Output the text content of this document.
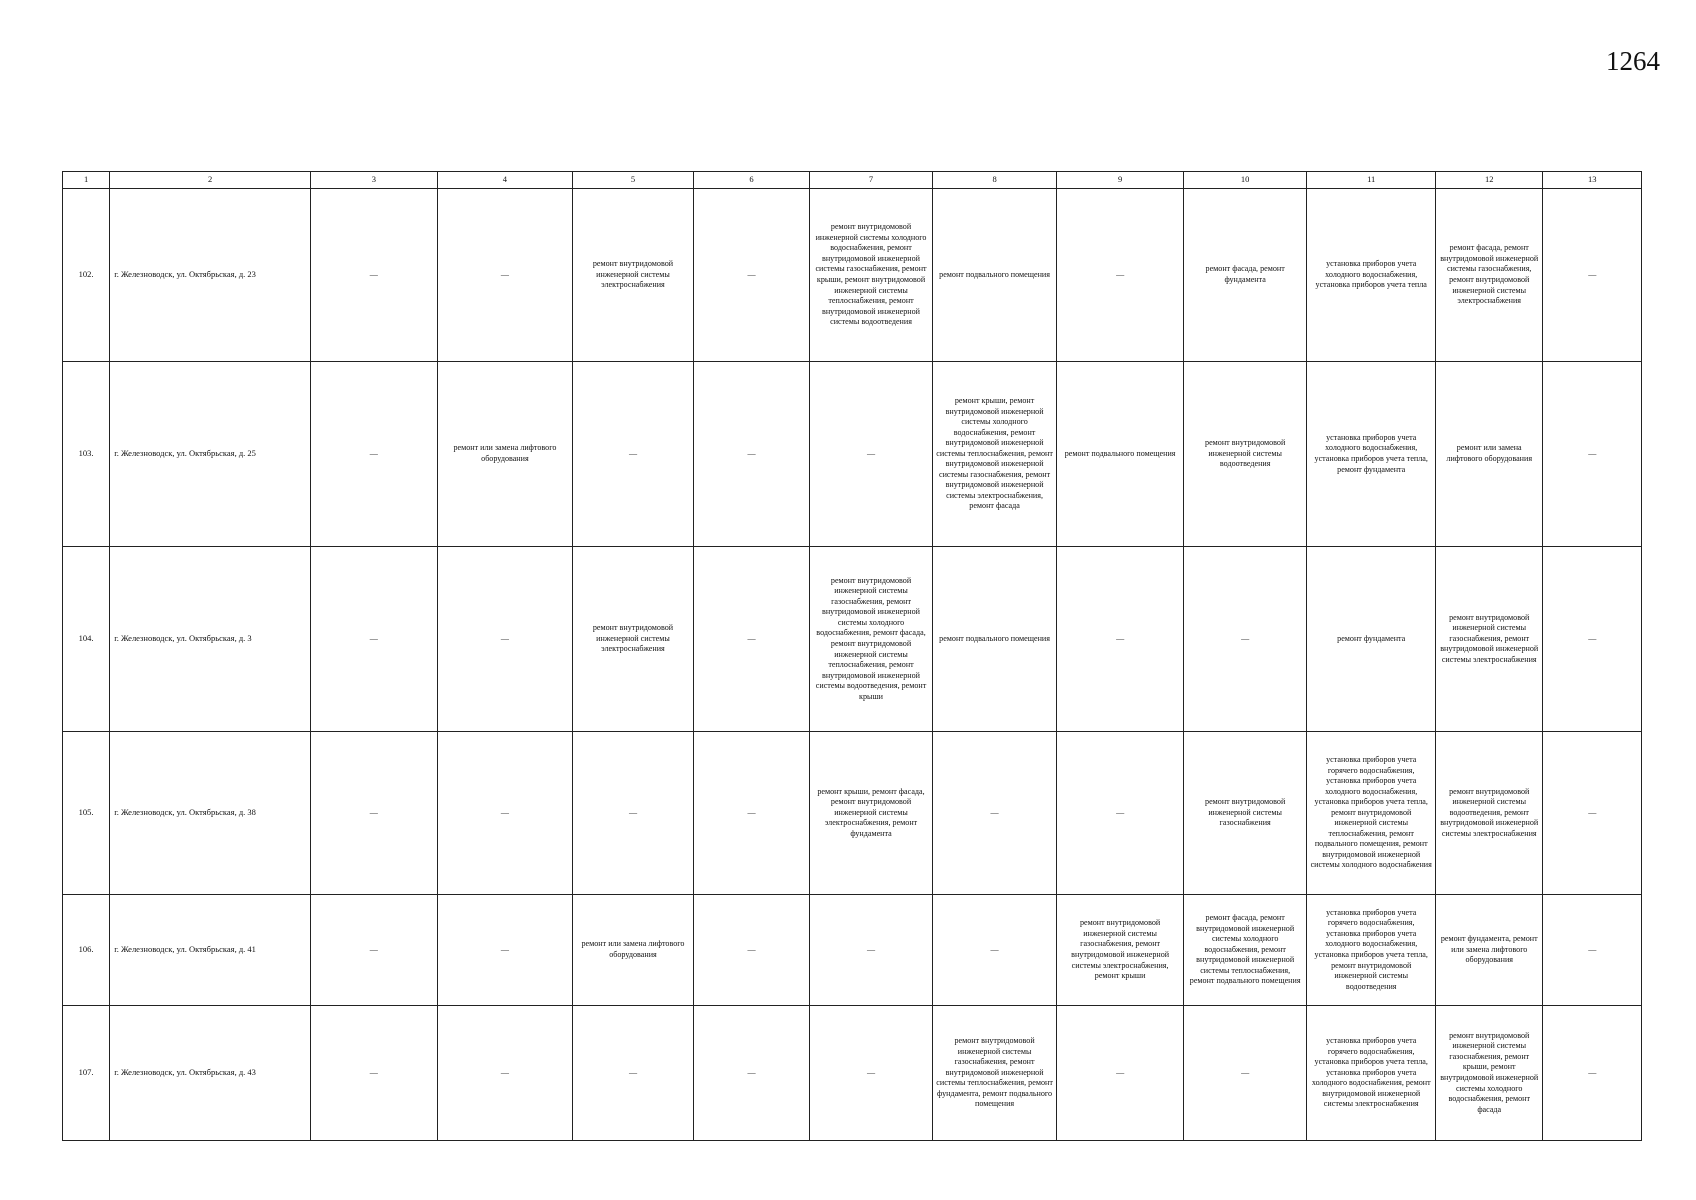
1264
1	2	3	4	5	6	7	8	9	10	11	12	13
102.	г. Железноводск, ул. Октябрьская, д. 23	—	—	ремонт внутридомовой инженерной системы электроснабжения	—	ремонт внутридомовой инженерной системы холодного водоснабжения, ремонт внутридомовой инженерной системы газоснабжения, ремонт крыши, ремонт внутридомовой инженерной системы теплоснабжения, ремонт внутридомовой инженерной системы водоотведения	ремонт подвального помещения	—	ремонт фасада, ремонт фундамента	установка приборов учета холодного водоснабжения, установка приборов учета тепла	ремонт фасада, ремонт внутридомовой инженерной системы газоснабжения, ремонт внутридомовой инженерной системы электроснабжения	—
103.	г. Железноводск, ул. Октябрьская, д. 25	—	ремонт или замена лифтового оборудования	—	—	—	ремонт крыши, ремонт внутридомовой инженерной системы холодного водоснабжения, ремонт внутридомовой инженерной системы теплоснабжения, ремонт внутридомовой инженерной системы газоснабжения, ремонт внутридомовой инженерной системы электроснабжения, ремонт фасада	ремонт подвального помещения	ремонт внутридомовой инженерной системы водоотведения	установка приборов учета холодного водоснабжения, установка приборов учета тепла, ремонт фундамента	ремонт или замена лифтового оборудования	—
104.	г. Железноводск, ул. Октябрьская, д. 3	—	—	ремонт внутридомовой инженерной системы электроснабжения	—	ремонт внутридомовой инженерной системы газоснабжения, ремонт внутридомовой инженерной системы холодного водоснабжения, ремонт фасада, ремонт внутридомовой инженерной системы теплоснабжения, ремонт внутридомовой инженерной системы водоотведения, ремонт крыши	ремонт подвального помещения	—	—	ремонт фундамента	ремонт внутридомовой инженерной системы газоснабжения, ремонт внутридомовой инженерной системы электроснабжения	—
105.	г. Железноводск, ул. Октябрьская, д. 38	—	—	—	—	ремонт крыши, ремонт фасада, ремонт внутридомовой инженерной системы электроснабжения, ремонт фундамента	—	—	ремонт внутридомовой инженерной системы газоснабжения	установка приборов учета горячего водоснабжения, установка приборов учета холодного водоснабжения, установка приборов учета тепла, ремонт внутридомовой инженерной системы теплоснабжения, ремонт подвального помещения, ремонт внутридомовой инженерной системы холодного водоснабжения	ремонт внутридомовой инженерной системы водоотведения, ремонт внутридомовой инженерной системы электроснабжения	—
106.	г. Железноводск, ул. Октябрьская, д. 41	—	—	ремонт или замена лифтового оборудования	—	—	—	ремонт внутридомовой инженерной системы газоснабжения, ремонт внутридомовой инженерной системы электроснабжения, ремонт крыши	ремонт фасада, ремонт внутридомовой инженерной системы холодного водоснабжения, ремонт внутридомовой инженерной системы теплоснабжения, ремонт подвального помещения	установка приборов учета горячего водоснабжения, установка приборов учета холодного водоснабжения, установка приборов учета тепла, ремонт внутридомовой инженерной системы водоотведения	ремонт фундамента, ремонт или замена лифтового оборудования	—
107.	г. Железноводск, ул. Октябрьская, д. 43	—	—	—	—	—	ремонт внутридомовой инженерной системы газоснабжения, ремонт внутридомовой инженерной системы теплоснабжения, ремонт фундамента, ремонт подвального помещения	—	—	установка приборов учета горячего водоснабжения, установка приборов учета тепла, установка приборов учета холодного водоснабжения, ремонт внутридомовой инженерной системы электроснабжения	ремонт внутридомовой инженерной системы газоснабжения, ремонт крыши, ремонт внутридомовой инженерной системы холодного водоснабжения, ремонт фасада	—
